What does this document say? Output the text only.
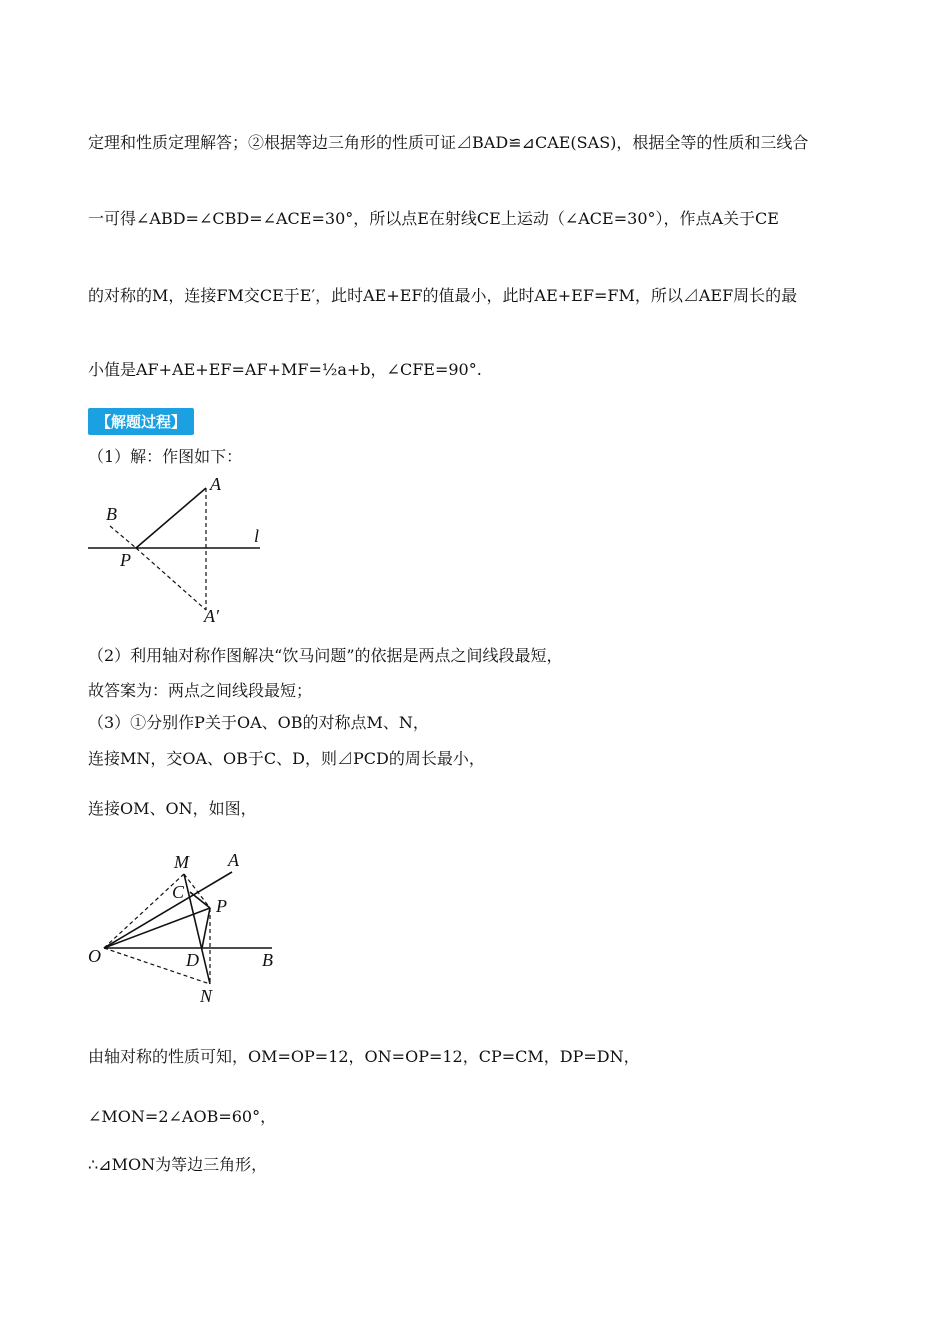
定理和性质定理解答；②根据等边三角形的性质可证⊿BAD≌⊿CAE(SAS)，根据全等的性质和三线合
一可得∠ABD=∠CBD=∠ACE=30°，所以点E在射线CE上运动（∠ACE=30°），作点A关于CE
的对称的M，连接FM交CE于E′，此时AE+EF的值最小，此时AE+EF=FM，所以⊿AEF周长的最
小值是AF+AE+EF=AF+MF=½a+b，∠CFE=90°.
【解题过程】
（1）解：作图如下：
（2）利用轴对称作图解决“饮马问题”的依据是两点之间线段最短，
故答案为：两点之间线段最短；
（3）①分别作P关于OA、OB的对称点M、N，
连接MN，交OA、OB于C、D，则⊿PCD的周长最小，
连接OM、ON，如图，
由轴对称的性质可知，OM=OP=12，ON=OP=12，CP=CM，DP=DN，
∠MON=2∠AOB=60°，
∴⊿MON为等边三角形，
A
B
P
l
A′
M A
C
P
O	D	B
N
